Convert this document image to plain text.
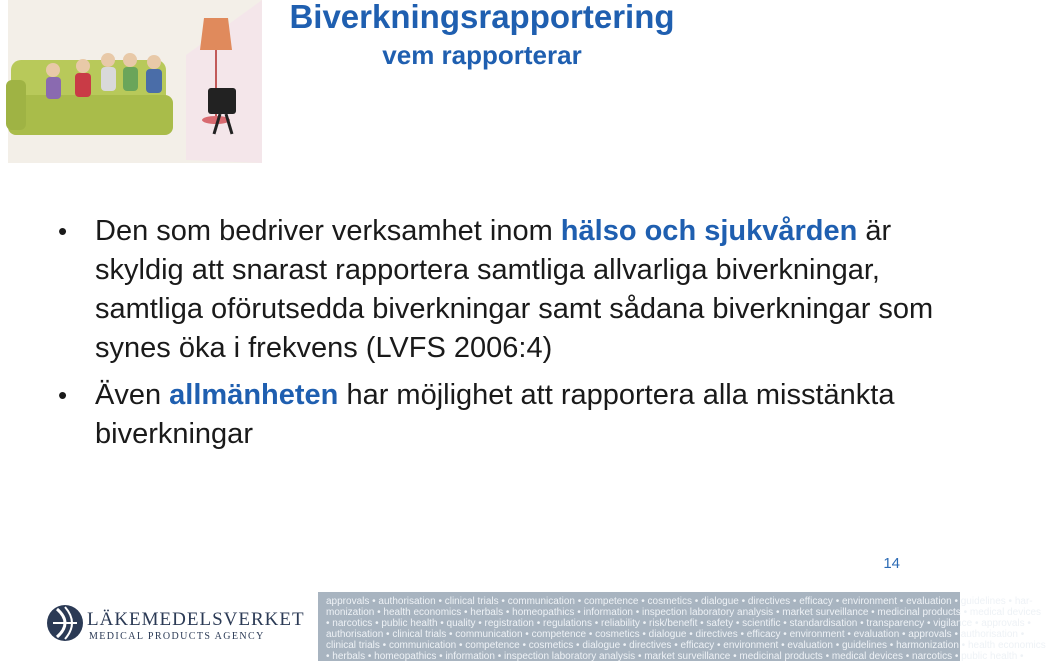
Biverkningsrapportering
vem rapporterar
• Den som bedriver verksamhet inom hälso och sjukvården är skyldig att snarast rapportera samtliga allvarliga biverkningar, samtliga oförutsedda biverkningar samt sådana biverkningar som synes öka i frekvens (LVFS 2006:4)
• Även allmänheten har möjlighet att rapportera alla misstänkta biverkningar
14
approvals • authorisation • clinical trials • communication • competence • cosmetics • dialogue • directives • efficacy • environment • evaluation • guidelines • har-
monization • health economics • herbals • homeopathics • information • inspection laboratory analysis • market surveillance • medicinal products • medical devices
• narcotics • public health • quality • registration • regulations • reliability • risk/benefit • safety • scientific • standardisation • transparency • vigilance • approvals •
authorisation • clinical trials • communication • competence • cosmetics • dialogue • directives • efficacy • environment • evaluation • approvals • authorisation •
clinical trials • communication • competence • cosmetics • dialogue • directives • efficacy • environment • evaluation • guidelines • harmonization • health economics
• herbals • homeopathics • information • inspection laboratory analysis • market surveillance • medicinal products • medical devices • narcotics • public health •
LÄKEMEDELSVERKET
MEDICAL PRODUCTS AGENCY
